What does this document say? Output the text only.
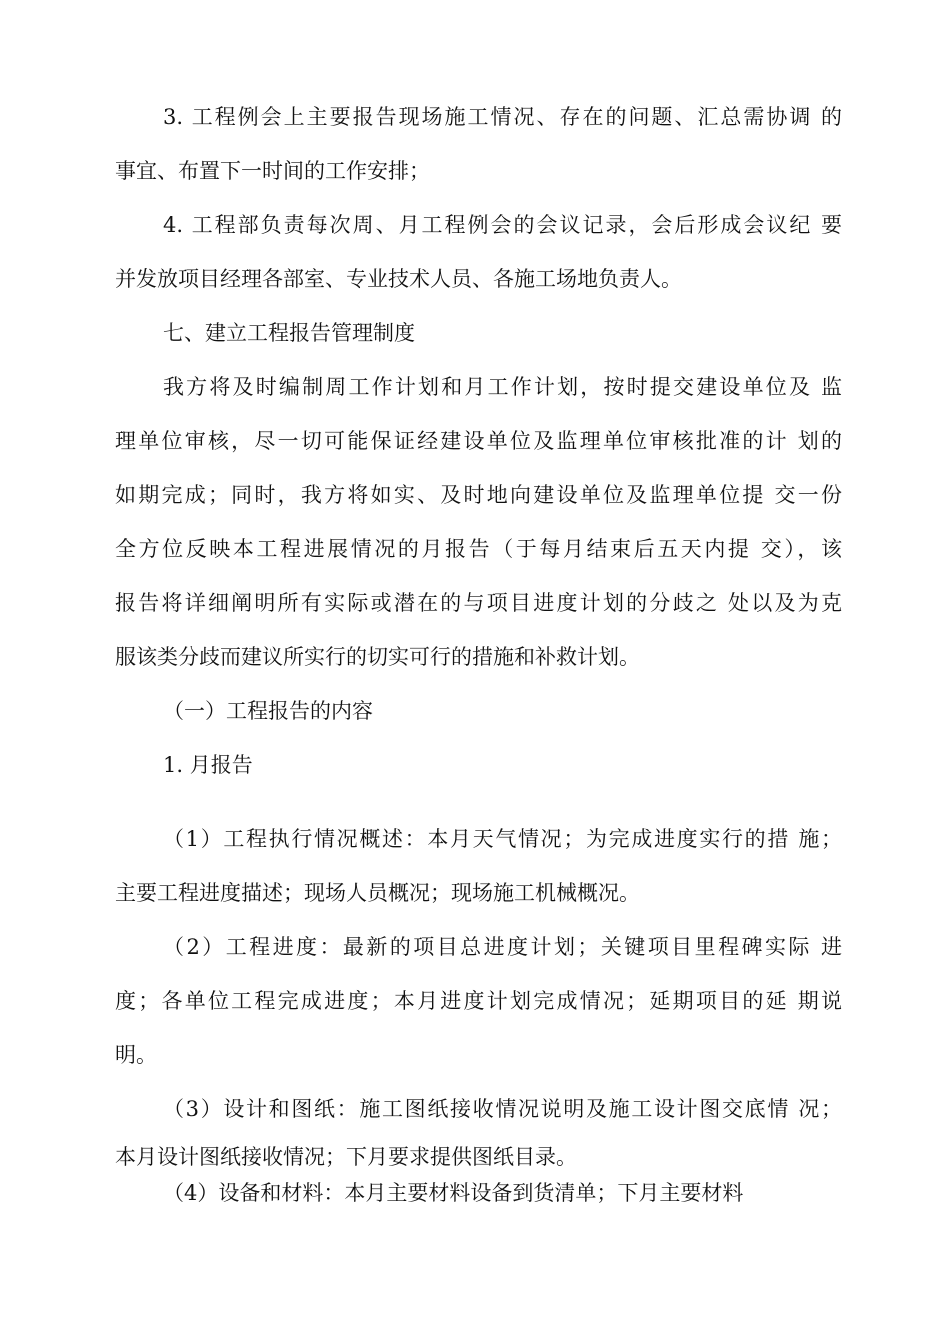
3. 工程例会上主要报告现场施工情况、存在的问题、汇总需协调 的
事宜、布置下一时间的工作安排；
4. 工程部负责每次周、月工程例会的会议记录，会后形成会议纪 要
并发放项目经理各部室、专业技术人员、各施工场地负责人。
七、建立工程报告管理制度
我方将及时编制周工作计划和月工作计划，按时提交建设单位及 监
理单位审核，尽一切可能保证经建设单位及监理单位审核批准的计 划的
如期完成；同时，我方将如实、及时地向建设单位及监理单位提 交一份
全方位反映本工程进展情况的月报告（于每月结束后五天内提 交），该
报告将详细阐明所有实际或潜在的与项目进度计划的分歧之 处以及为克
服该类分歧而建议所实行的切实可行的措施和补救计划。
（一）工程报告的内容
1. 月报告
（1）工程执行情况概述：本月天气情况；为完成进度实行的措 施；
主要工程进度描述；现场人员概况；现场施工机械概况。
（2）工程进度：最新的项目总进度计划；关键项目里程碑实际 进
度；各单位工程完成进度；本月进度计划完成情况；延期项目的延 期说
明。
（3）设计和图纸：施工图纸接收情况说明及施工设计图交底情 况；
本月设计图纸接收情况；下月要求提供图纸目录。
（4）设备和材料：本月主要材料设备到货清单；下月主要材料
